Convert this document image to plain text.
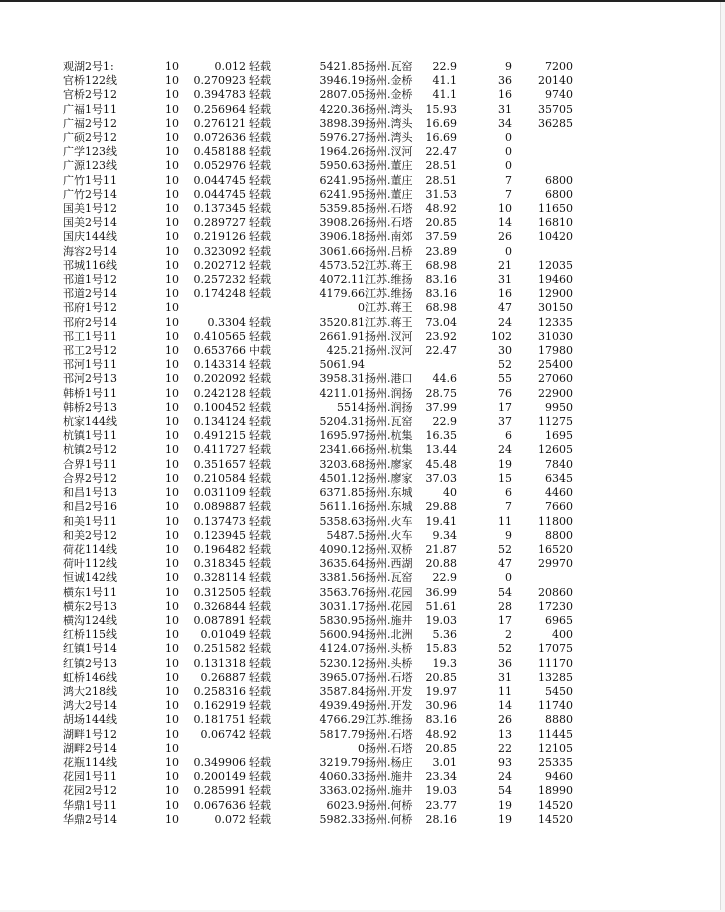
观湖2号1:	10	0.012	轻载	5421.85	扬州.瓦窑	22.9	9	7200
官桥122线	10	0.270923	轻载	3946.19	扬州.金桥	41.1	36	20140
官桥2号12	10	0.394783	轻载	2807.05	扬州.金桥	41.1	16	9740
广福1号11	10	0.256964	轻载	4220.36	扬州.湾头	15.93	31	35705
广福2号12	10	0.276121	轻载	3898.39	扬州.湾头	16.69	34	36285
广硕2号12	10	0.072636	轻载	5976.27	扬州.湾头	16.69	0	
广学123线	10	0.458188	轻载	1964.26	扬州.汊河	22.47	0	
广源123线	10	0.052976	轻载	5950.63	扬州.董庄	28.51	0	
广竹1号11	10	0.044745	轻载	6241.95	扬州.董庄	28.51	7	6800
广竹2号14	10	0.044745	轻载	6241.95	扬州.董庄	31.53	7	6800
国美1号12	10	0.137345	轻载	5359.85	扬州.石塔	48.92	10	11650
国美2号14	10	0.289727	轻载	3908.26	扬州.石塔	20.85	14	16810
国庆144线	10	0.219126	轻载	3906.18	扬州.南郊	37.59	26	10420
海容2号14	10	0.323092	轻载	3061.66	扬州.吕桥	23.89	0	
邗城116线	10	0.202712	轻载	4573.52	江苏.蒋王	68.98	21	12035
邗道1号12	10	0.257232	轻载	4072.11	江苏.维扬	83.16	31	19460
邗道2号14	10	0.174248	轻载	4179.66	江苏.维扬	83.16	16	12900
邗府1号12	10			0	江苏.蒋王	68.98	47	30150
邗府2号14	10	0.3304	轻载	3520.81	江苏.蒋王	73.04	24	12335
邗工1号11	10	0.410565	轻载	2661.91	扬州.汊河	23.92	102	31030
邗工2号12	10	0.653766	中载	425.21	扬州.汊河	22.47	30	17980
邗河1号11	10	0.143314	轻载	5061.94			52	25400
邗河2号13	10	0.202092	轻载	3958.31	扬州.港口	44.6	55	27060
韩桥1号11	10	0.242128	轻载	4211.01	扬州.润扬	28.75	76	22900
韩桥2号13	10	0.100452	轻载	5514	扬州.润扬	37.99	17	9950
杭家144线	10	0.134124	轻载	5204.31	扬州.瓦窑	22.9	37	11275
杭镇1号11	10	0.491215	轻载	1695.97	扬州.杭集	16.35	6	1695
杭镇2号12	10	0.411727	轻载	2341.66	扬州.杭集	13.44	24	12605
合界1号11	10	0.351657	轻载	3203.68	扬州.廖家	45.48	19	7840
合界2号12	10	0.210584	轻载	4501.12	扬州.廖家	37.03	15	6345
和昌1号13	10	0.031109	轻载	6371.85	扬州.东城	40	6	4460
和昌2号16	10	0.089887	轻载	5611.16	扬州.东城	29.88	7	7660
和美1号11	10	0.137473	轻载	5358.63	扬州.火车	19.41	11	11800
和美2号12	10	0.123945	轻载	5487.5	扬州.火车	9.34	9	8800
荷花114线	10	0.196482	轻载	4090.12	扬州.双桥	21.87	52	16520
荷叶112线	10	0.318345	轻载	3635.64	扬州.西湖	20.88	47	29970
恒诚142线	10	0.328114	轻载	3381.56	扬州.瓦窑	22.9	0	
横东1号11	10	0.312505	轻载	3563.76	扬州.花园	36.99	54	20860
横东2号13	10	0.326844	轻载	3031.17	扬州.花园	51.61	28	17230
横沟124线	10	0.087891	轻载	5830.95	扬州.施井	19.03	17	6965
红桥115线	10	0.01049	轻载	5600.94	扬州.北洲	5.36	2	400
红镇1号14	10	0.251582	轻载	4124.07	扬州.头桥	15.83	52	17075
红镇2号13	10	0.131318	轻载	5230.12	扬州.头桥	19.3	36	11170
虹桥146线	10	0.26887	轻载	3965.07	扬州.石塔	20.85	31	13285
鸿大218线	10	0.258316	轻载	3587.84	扬州.开发	19.97	11	5450
鸿大2号14	10	0.162919	轻载	4939.49	扬州.开发	30.96	14	11740
胡场144线	10	0.181751	轻载	4766.29	江苏.维扬	83.16	26	8880
湖畔1号12	10	0.06742	轻载	5817.79	扬州.石塔	48.92	13	11445
湖畔2号14	10			0	扬州.石塔	20.85	22	12105
花瓶114线	10	0.349906	轻载	3219.79	扬州.杨庄	3.01	93	25335
花园1号11	10	0.200149	轻载	4060.33	扬州.施井	23.34	24	9460
花园2号12	10	0.285991	轻载	3363.02	扬州.施井	19.03	54	18990
华鼎1号11	10	0.067636	轻载	6023.9	扬州.何桥	23.77	19	14520
华鼎2号14	10	0.072	轻载	5982.33	扬州.何桥	28.16	19	14520
